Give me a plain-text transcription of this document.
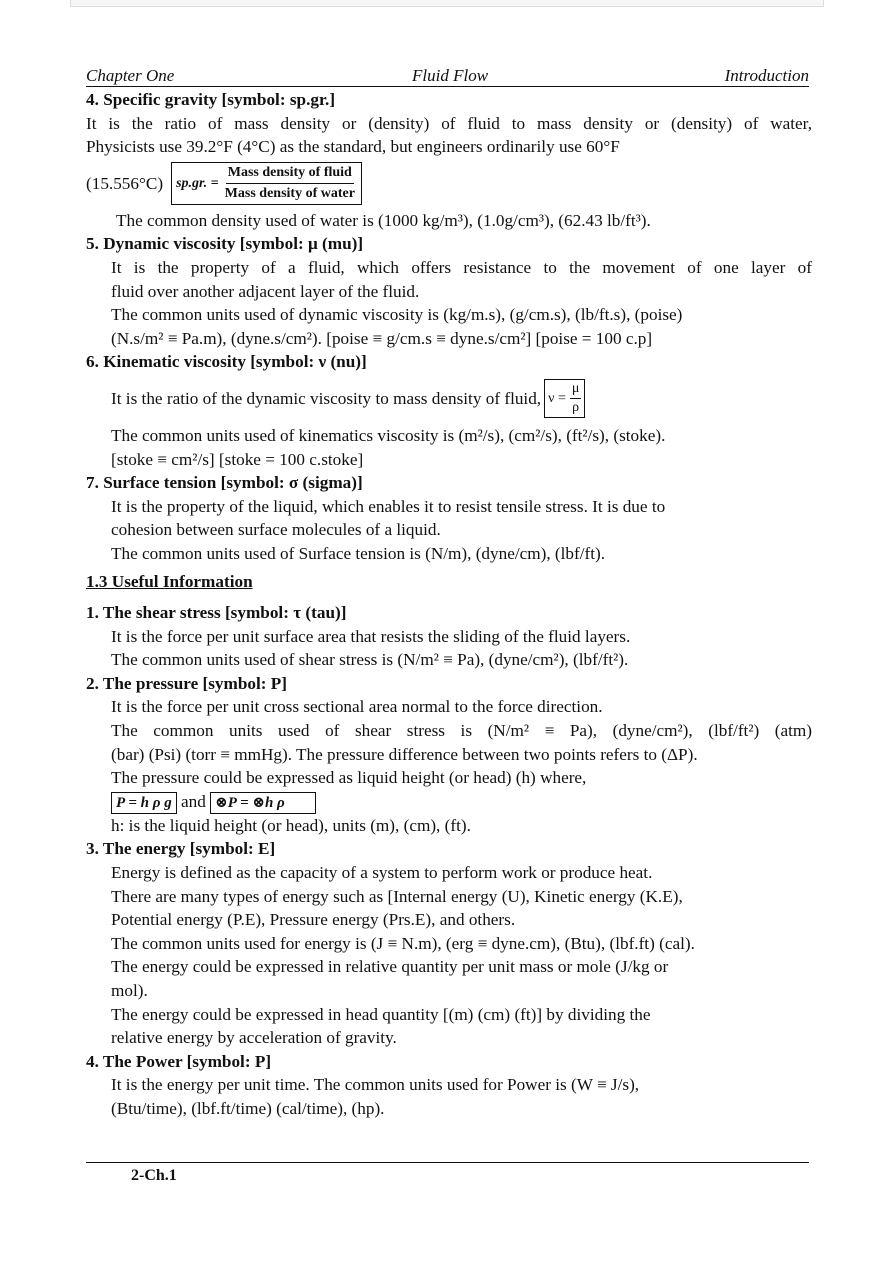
Chapter One	Fluid Flow	Introduction

4. Specific gravity [symbol: sp.gr.]

It is the ratio of mass density or (density) of fluid to mass density or (density) of water,

Physicists use 39.2°F (4°C) as the standard, but engineers ordinarily use 60°F

(15.556°C) sp.gr. = $\frac{\text{Mass density of fluid}}{\text{Mass density of water}}$

The common density used of water is (1000 kg/m³), (1.0g/cm³), (62.43 lb/ft³).

5. Dynamic viscosity [symbol: μ (mu)]

It is the property of a fluid, which offers resistance to the movement of one layer of

fluid over another adjacent layer of the fluid.

The common units used of dynamic viscosity is (kg/m.s), (g/cm.s), (lb/ft.s), (poise)

(N.s/m² ≡ Pa.m), (dyne.s/cm²). [poise ≡ g/cm.s ≡ dyne.s/cm²] [poise = 100 c.p]

6. Kinematic viscosity [symbol: ν (nu)]

It is the ratio of the dynamic viscosity to mass density of fluid, $\nu = \frac{\mu}{\rho}$

The common units used of kinematics viscosity is (m²/s), (cm²/s), (ft²/s), (stoke).

[stoke ≡ cm²/s] [stoke = 100 c.stoke]

7. Surface tension [symbol: σ (sigma)]

It is the property of the liquid, which enables it to resist tensile stress. It is due to

cohesion between surface molecules of a liquid.

The common units used of Surface tension is (N/m), (dyne/cm), (lbf/ft).

1.3 Useful Information

1. The shear stress [symbol: τ (tau)]

It is the force per unit surface area that resists the sliding of the fluid layers.

The common units used of shear stress is (N/m² ≡ Pa), (dyne/cm²), (lbf/ft²).

2. The pressure [symbol: P]

It is the force per unit cross sectional area normal to the force direction.

The common units used of shear stress is (N/m² ≡ Pa), (dyne/cm²), (lbf/ft²) (atm)

(bar) (Psi) (torr ≡ mmHg). The pressure difference between two points refers to (ΔP).

The pressure could be expressed as liquid height (or head) (h) where,

P = h ρ g and ⊗P = ⊗h ρ

h: is the liquid height (or head), units (m), (cm), (ft).

3. The energy [symbol: E]

Energy is defined as the capacity of a system to perform work or produce heat.

There are many types of energy such as [Internal energy (U), Kinetic energy (K.E),

Potential energy (P.E), Pressure energy (Prs.E), and others.

The common units used for energy is (J ≡ N.m), (erg ≡ dyne.cm), (Btu), (lbf.ft) (cal).

The energy could be expressed in relative quantity per unit mass or mole (J/kg or

mol).

The energy could be expressed in head quantity [(m) (cm) (ft)] by dividing the

relative energy by acceleration of gravity.

4. The Power [symbol: P]

It is the energy per unit time. The common units used for Power is (W ≡ J/s),

(Btu/time), (lbf.ft/time) (cal/time), (hp).

2-Ch.1
